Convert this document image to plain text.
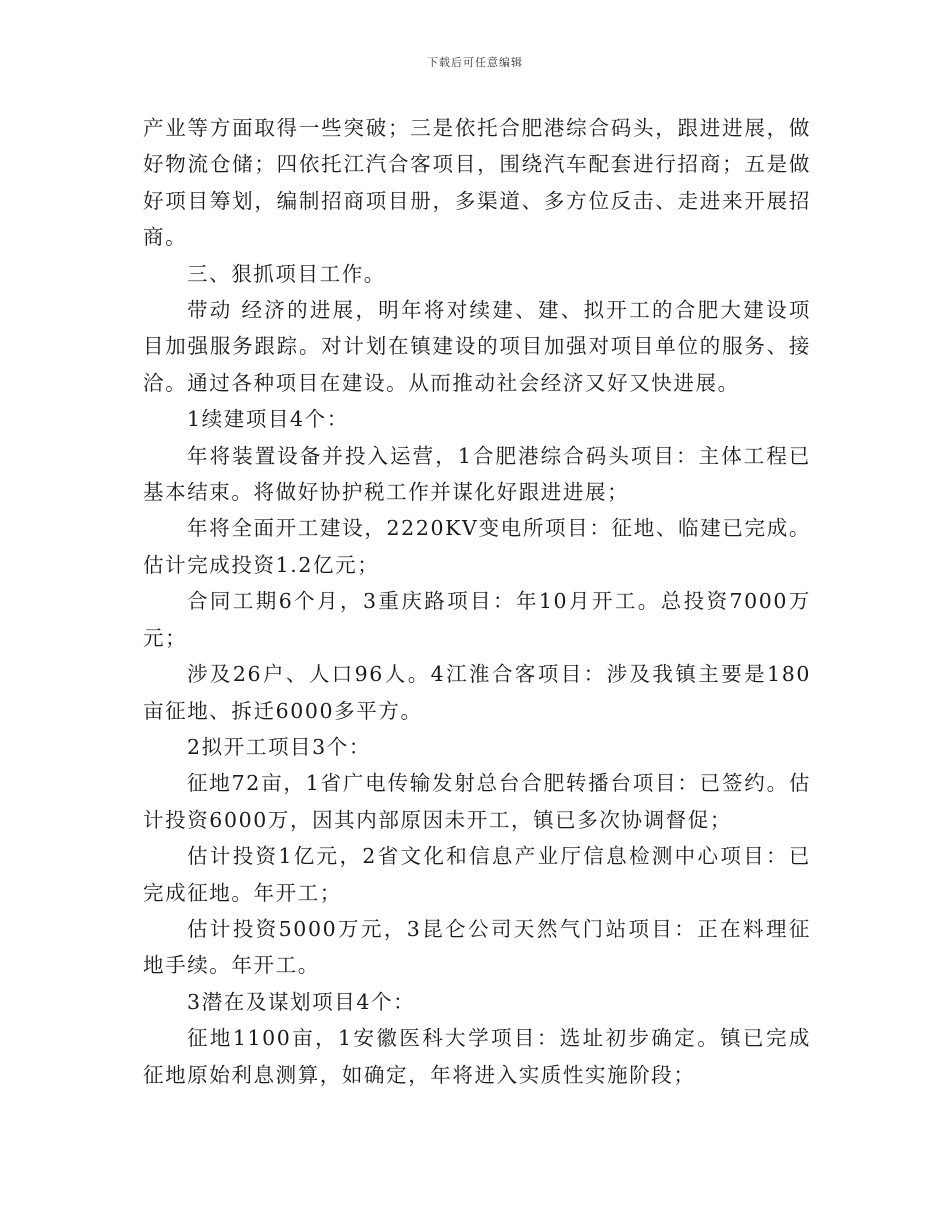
下载后可任意编辑

产业等方面取得一些突破；三是依托合肥港综合码头，跟进进展，做好物流仓储；四依托江汽合客项目，围绕汽车配套进行招商；五是做好项目筹划，编制招商项目册，多渠道、多方位反击、走进来开展招商。

三、狠抓项目工作。

带动 经济的进展，明年将对续建、建、拟开工的合肥大建设项目加强服务跟踪。对计划在镇建设的项目加强对项目单位的服务、接洽。通过各种项目在建设。从而推动社会经济又好又快进展。

1续建项目4个：

年将装置设备并投入运营，1合肥港综合码头项目：主体工程已基本结束。将做好协护税工作并谋化好跟进进展；

年将全面开工建设，2220KV变电所项目：征地、临建已完成。估计完成投资1.2亿元；

合同工期6个月，3重庆路项目：年10月开工。总投资7000万元；

涉及26户、人口96人。4江淮合客项目：涉及我镇主要是180亩征地、拆迁6000多平方。

2拟开工项目3个：

征地72亩，1省广电传输发射总台合肥转播台项目：已签约。估计投资6000万，因其内部原因未开工，镇已多次协调督促；

估计投资1亿元，2省文化和信息产业厅信息检测中心项目：已完成征地。年开工；

估计投资5000万元，3昆仑公司天然气门站项目：正在料理征地手续。年开工。

3潜在及谋划项目4个：

征地1100亩，1安徽医科大学项目：选址初步确定。镇已完成征地原始利息测算，如确定，年将进入实质性实施阶段；
